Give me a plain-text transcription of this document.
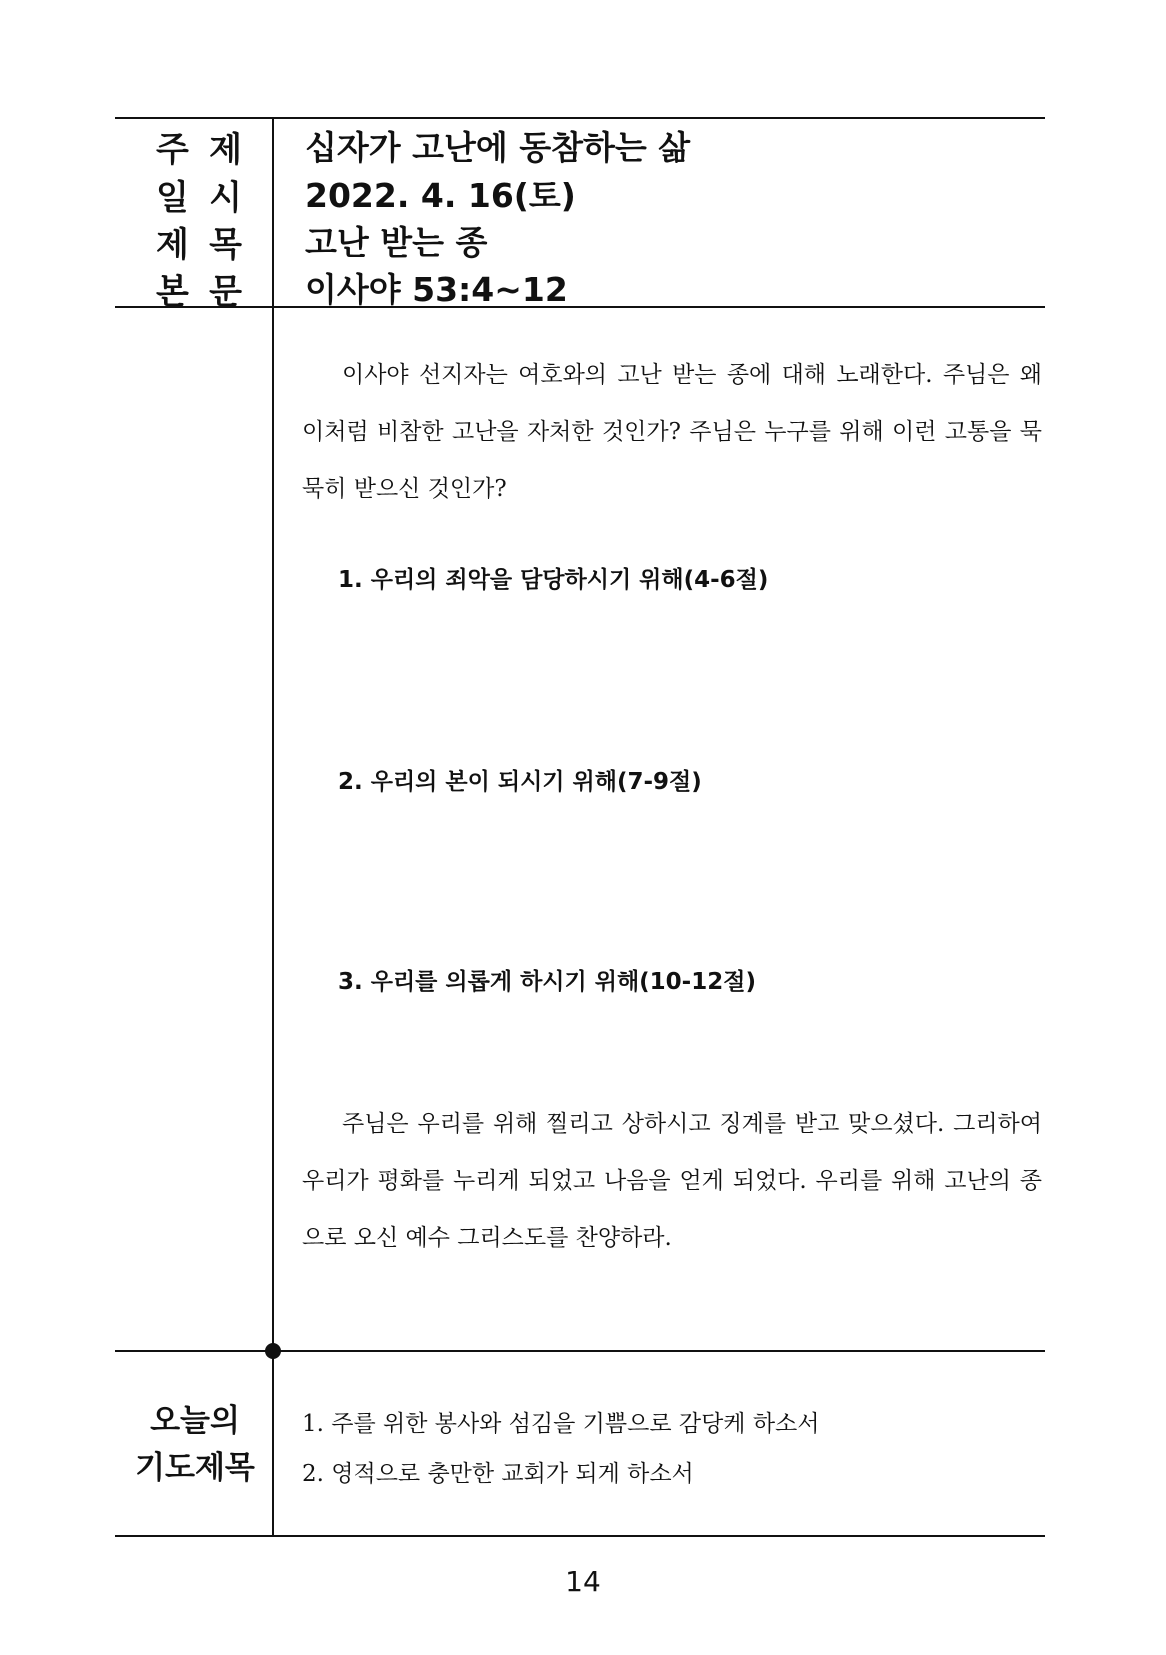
주 제 십자가 고난에 동참하는 삶
일 시 2022. 4. 16(토)
제 목 고난 받는 종
본 문 이사야 53:4~12

이사야 선지자는 여호와의 고난 받는 종에 대해 노래한다. 주님은 왜 이처럼 비참한 고난을 자처한 것인가? 주님은 누구를 위해 이런 고통을 묵묵히 받으신 것인가?

1. 우리의 죄악을 담당하시기 위해(4-6절)
2. 우리의 본이 되시기 위해(7-9절)
3. 우리를 의롭게 하시기 위해(10-12절)

주님은 우리를 위해 찔리고 상하시고 징계를 받고 맞으셨다. 그리하여 우리가 평화를 누리게 되었고 나음을 얻게 되었다. 우리를 위해 고난의 종으로 오신 예수 그리스도를 찬양하라.

오늘의
기도제목
1. 주를 위한 봉사와 섬김을 기쁨으로 감당케 하소서
2. 영적으로 충만한 교회가 되게 하소서
14
